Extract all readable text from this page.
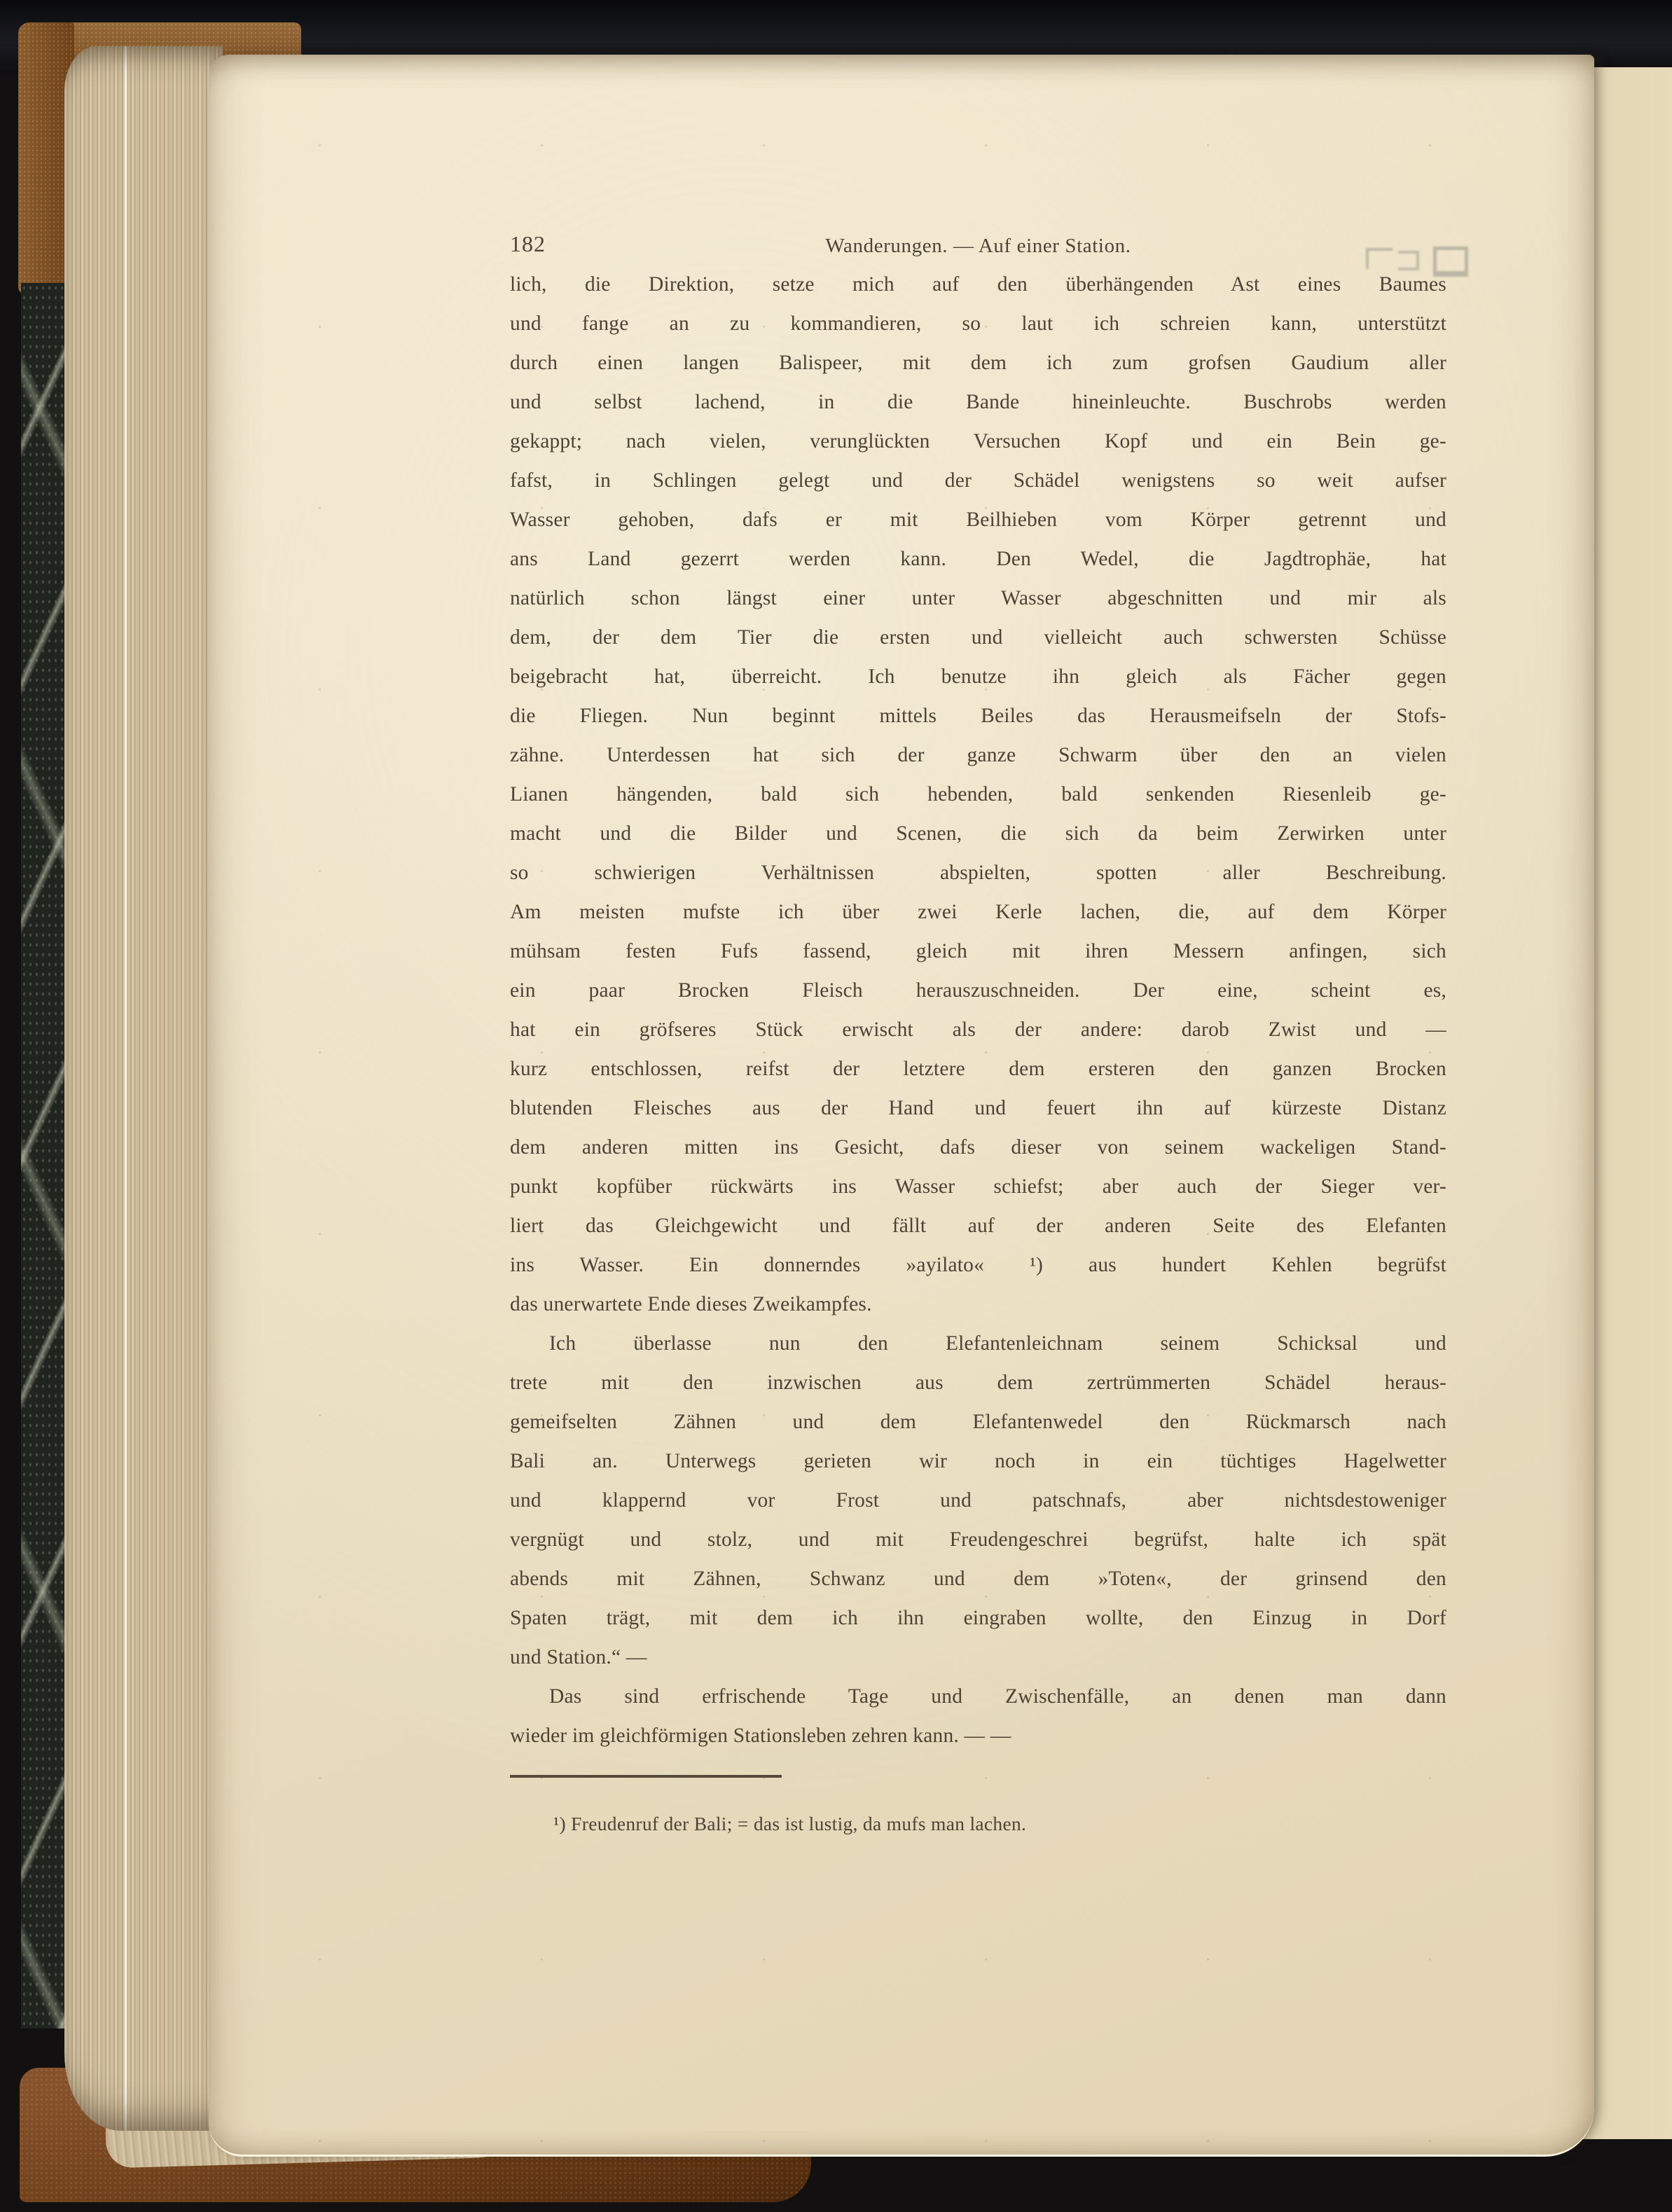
182	Wanderungen. — Auf einer Station.
lich, die Direktion, setze mich auf den überhängenden Ast eines Baumes
und fange an zu kommandieren, so laut ich schreien kann, unterstützt
durch einen langen Balispeer, mit dem ich zum grofsen Gaudium aller
und selbst lachend, in die Bande hineinleuchte. Buschrobs werden
gekappt; nach vielen, verunglückten Versuchen Kopf und ein Bein ge-
fafst, in Schlingen gelegt und der Schädel wenigstens so weit aufser
Wasser gehoben, dafs er mit Beilhieben vom Körper getrennt und
ans Land gezerrt werden kann. Den Wedel, die Jagdtrophäe, hat
natürlich schon längst einer unter Wasser abgeschnitten und mir als
dem, der dem Tier die ersten und vielleicht auch schwersten Schüsse
beigebracht hat, überreicht. Ich benutze ihn gleich als Fächer gegen
die Fliegen. Nun beginnt mittels Beiles das Herausmeifseln der Stofs-
zähne. Unterdessen hat sich der ganze Schwarm über den an vielen
Lianen hängenden, bald sich hebenden, bald senkenden Riesenleib ge-
macht und die Bilder und Scenen, die sich da beim Zerwirken unter
so schwierigen Verhältnissen abspielten, spotten aller Beschreibung.
Am meisten mufste ich über zwei Kerle lachen, die, auf dem Körper
mühsam festen Fufs fassend, gleich mit ihren Messern anfingen, sich
ein paar Brocken Fleisch herauszuschneiden. Der eine, scheint es,
hat ein gröfseres Stück erwischt als der andere: darob Zwist und —
kurz entschlossen, reifst der letztere dem ersteren den ganzen Brocken
blutenden Fleisches aus der Hand und feuert ihn auf kürzeste Distanz
dem anderen mitten ins Gesicht, dafs dieser von seinem wackeligen Stand-
punkt kopfüber rückwärts ins Wasser schiefst; aber auch der Sieger ver-
liert das Gleichgewicht und fällt auf der anderen Seite des Elefanten
ins Wasser. Ein donnerndes »ayilato« ¹) aus hundert Kehlen begrüfst
das unerwartete Ende dieses Zweikampfes.
Ich überlasse nun den Elefantenleichnam seinem Schicksal und
trete mit den inzwischen aus dem zertrümmerten Schädel heraus-
gemeifselten Zähnen und dem Elefantenwedel den Rückmarsch nach
Bali an. Unterwegs gerieten wir noch in ein tüchtiges Hagelwetter
und klappernd vor Frost und patschnafs, aber nichtsdestoweniger
vergnügt und stolz, und mit Freudengeschrei begrüfst, halte ich spät
abends mit Zähnen, Schwanz und dem »Toten«, der grinsend den
Spaten trägt, mit dem ich ihn eingraben wollte, den Einzug in Dorf
und Station.“ —
Das sind erfrischende Tage und Zwischenfälle, an denen man dann
wieder im gleichförmigen Stationsleben zehren kann. — —
¹) Freudenruf der Bali; = das ist lustig, da mufs man lachen.
